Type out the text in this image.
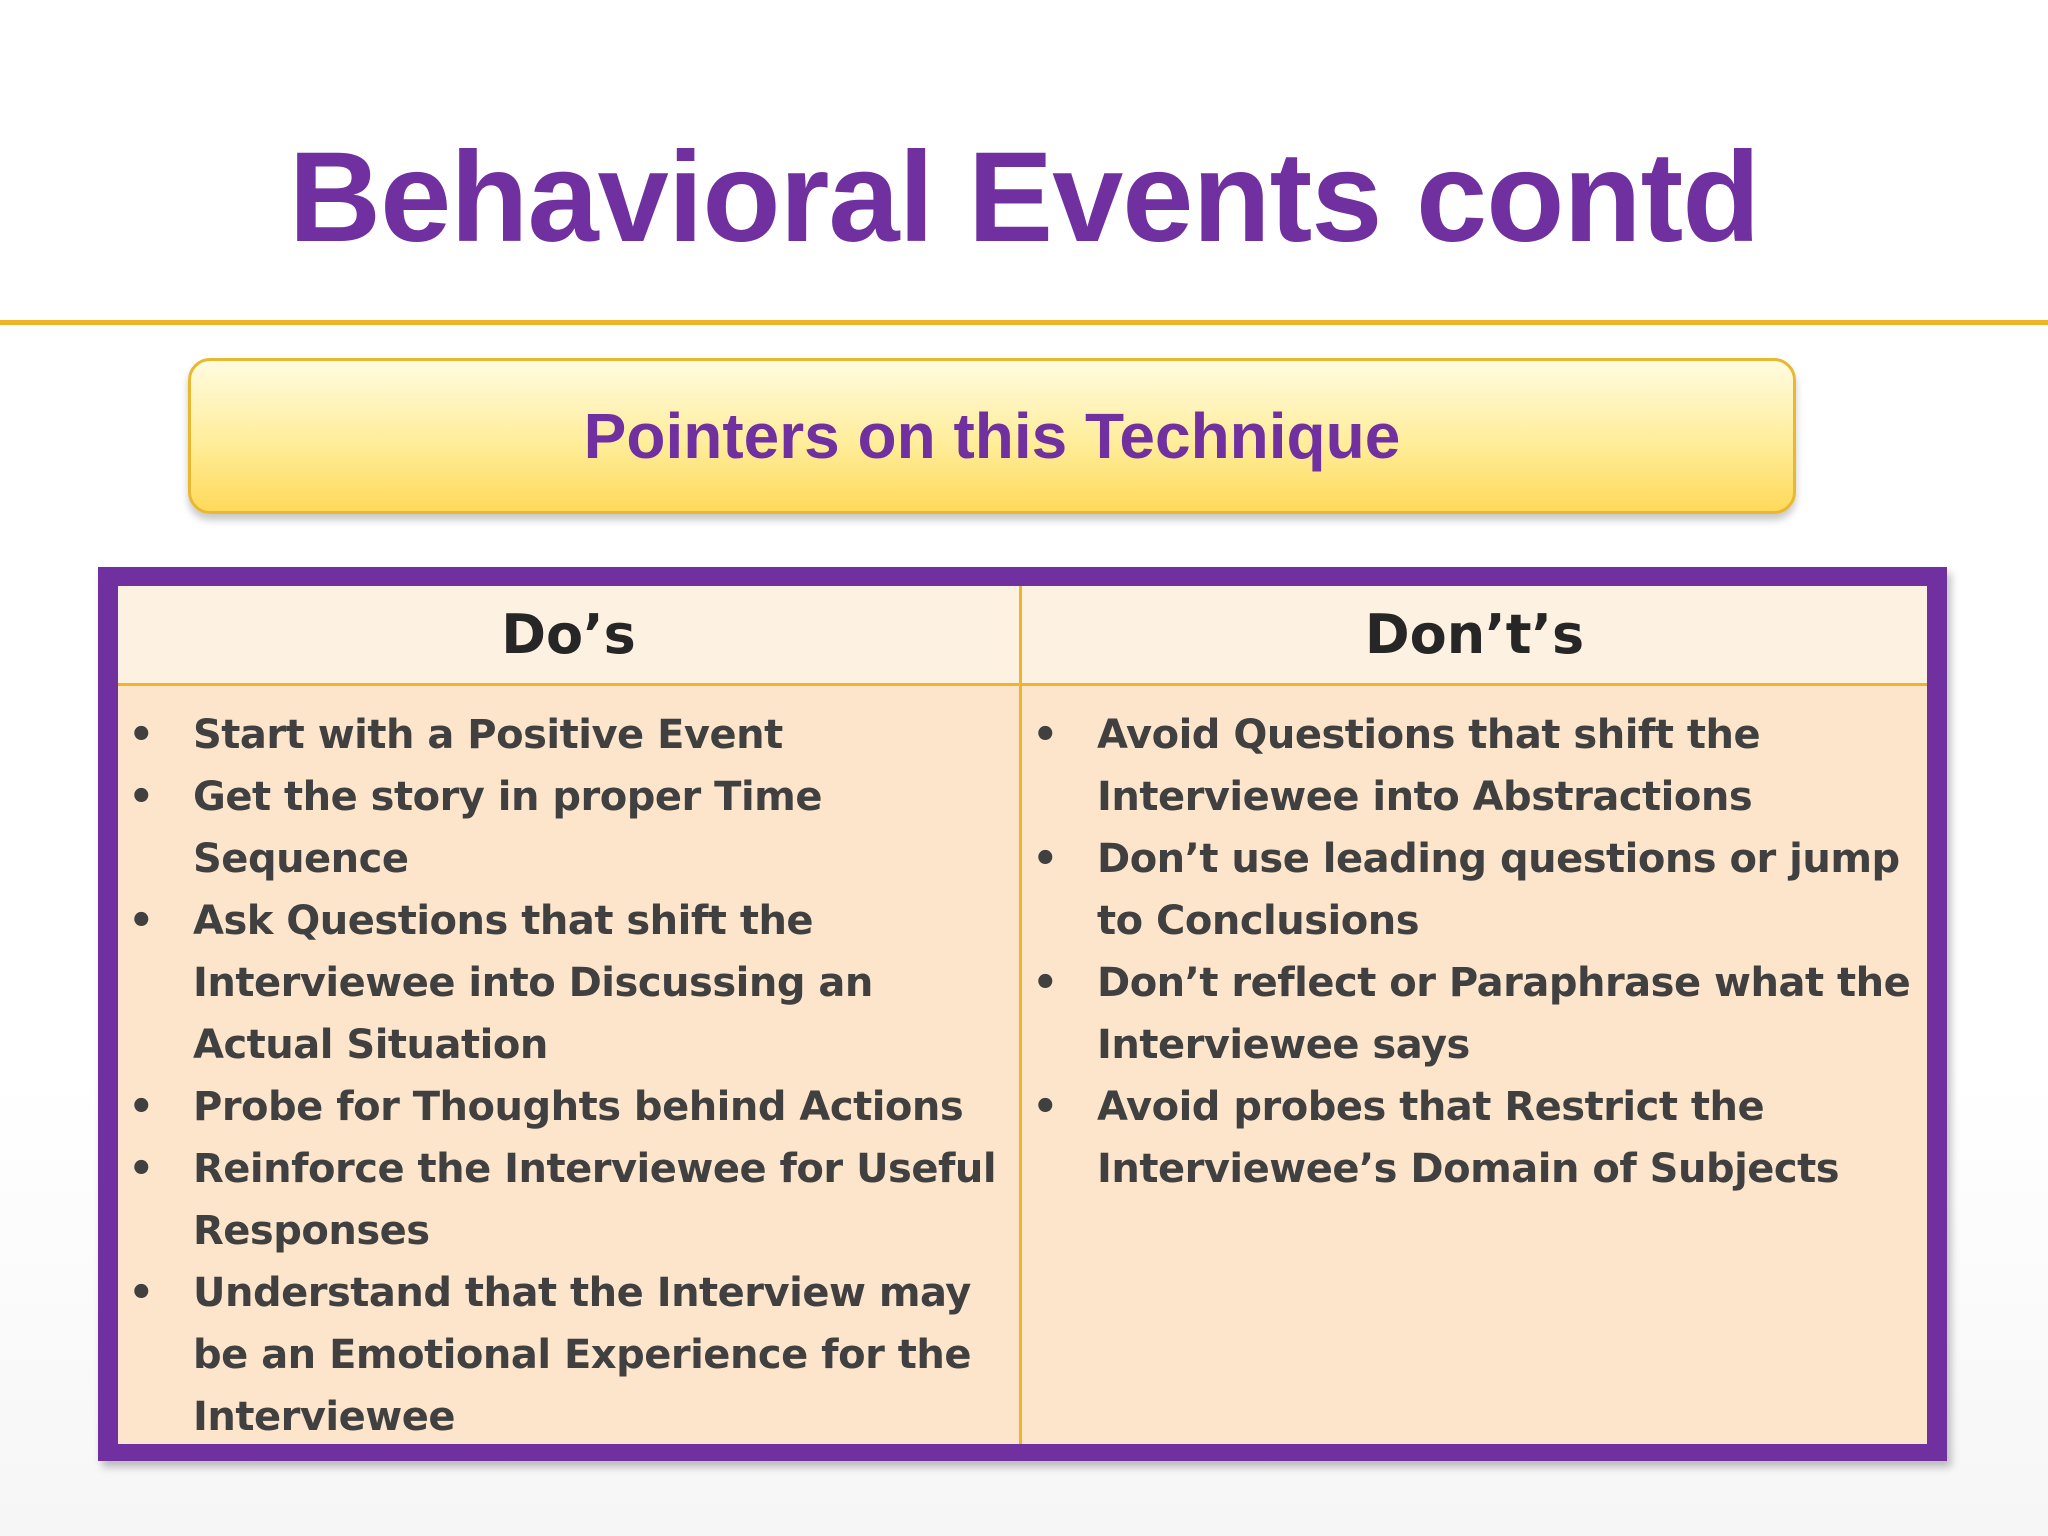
Behavioral Events contd
Pointers on this Technique
Do’s
• Start with a Positive Event
• Get the story in proper Time Sequence
• Ask Questions that shift the Interviewee into Discussing an Actual Situation
• Probe for Thoughts behind Actions
• Reinforce the Interviewee for Useful Responses
• Understand that the Interview may be an Emotional Experience for the Interviewee
Don’t’s
• Avoid Questions that shift the Interviewee into Abstractions
• Don’t use leading questions or jump to Conclusions
• Don’t reflect or Paraphrase what the Interviewee says
• Avoid probes that Restrict the Interviewee’s Domain of Subjects
